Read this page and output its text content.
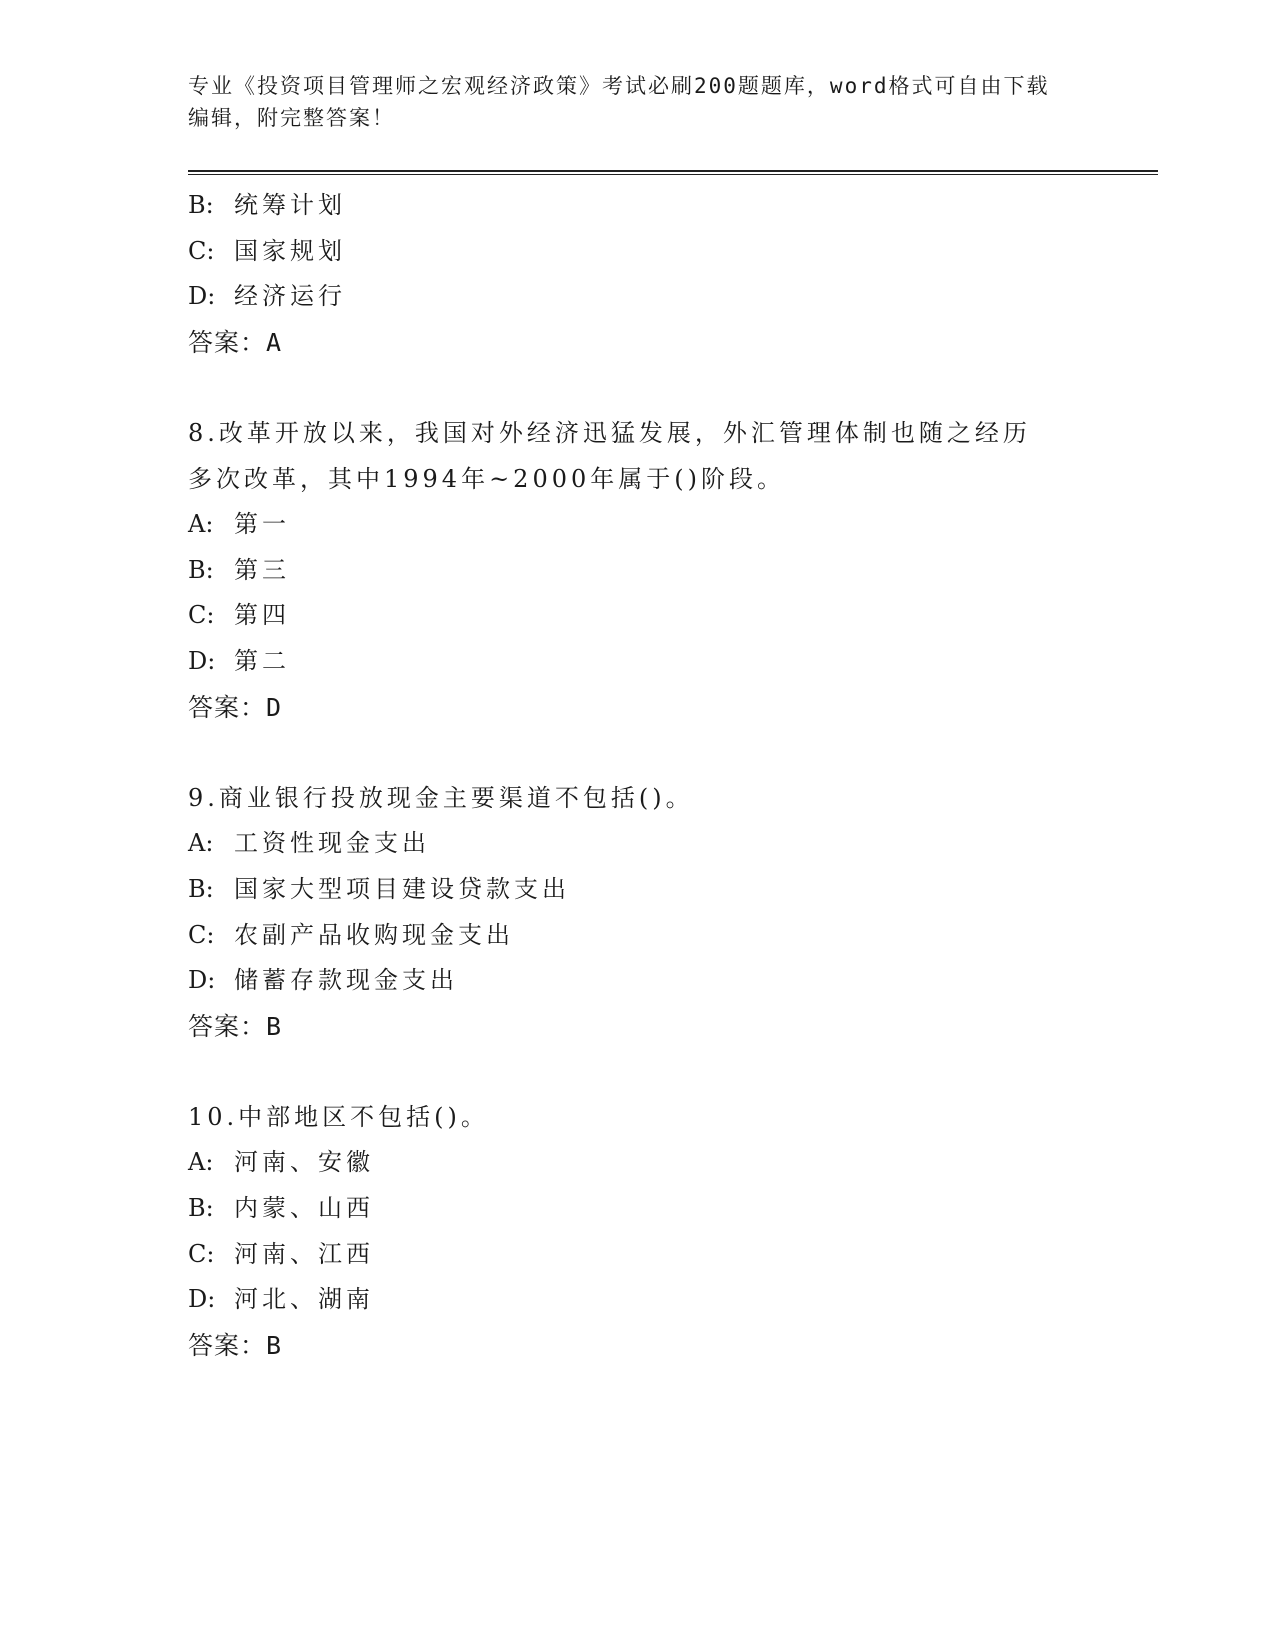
专业《投资项目管理师之宏观经济政策》考试必刷200题题库，word格式可自由下载编辑，附完整答案！

B: 统筹计划
C: 国家规划
D: 经济运行
答案：A
8.改革开放以来，我国对外经济迅猛发展，外汇管理体制也随之经历多次改革，其中1994年~2000年属于()阶段。
A: 第一
B: 第三
C: 第四
D: 第二
答案：D
9.商业银行投放现金主要渠道不包括()。
A: 工资性现金支出
B: 国家大型项目建设贷款支出
C: 农副产品收购现金支出
D: 储蓄存款现金支出
答案：B
10.中部地区不包括()。
A: 河南、安徽
B: 内蒙、山西
C: 河南、江西
D: 河北、湖南
答案：B
